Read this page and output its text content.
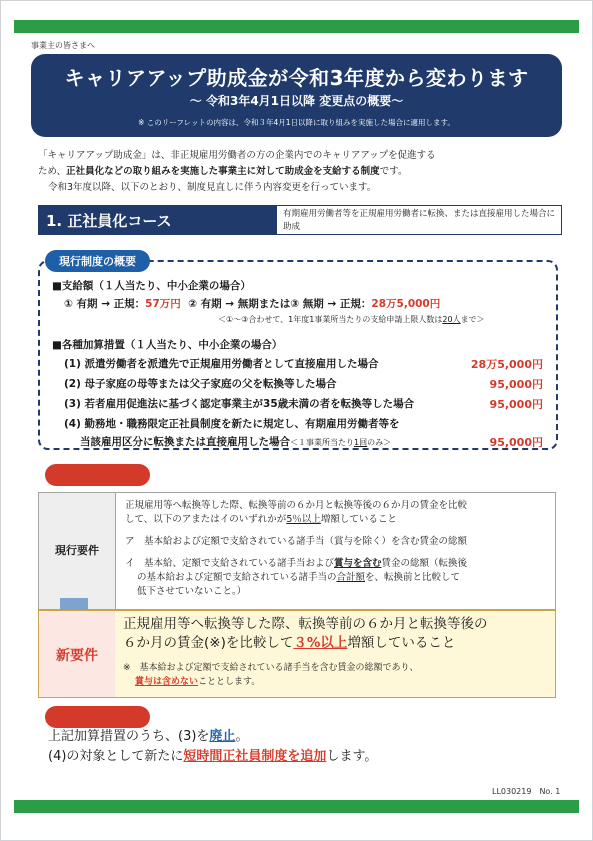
事業主の皆さまへ
キャリアアップ助成金が令和3年度から変わります
～ 令和3年4月1日以降 変更点の概要～
※ このリーフレットの内容は、令和３年4月1日以降に取り組みを実施した場合に適用します。

「キャリアアップ助成金」は、非正規雇用労働者の方の企業内でのキャリアアップを促進する

ため、正社員化などの取り組みを実施した事業主に対して助成金を支給する制度です。

令和3年度以降、以下のとおり、制度見直しに伴う内容変更を行っています。

1. 正社員化コース	有期雇用労働者等を正規雇用労働者に転換、または直接雇用した場合に助成
現行制度の概要
■支給額（１人当たり、中小企業の場合）
① 有期 → 正規：57万円 ② 有期 → 無期または③ 無期 → 正規：28万5,000円
＜①～③合わせて、1年度1事業所当たりの支給申請上限人数は20人まで＞
■各種加算措置（１人当たり、中小企業の場合）
(1) 派遣労働者を派遣先で正規雇用労働者として直接雇用した場合	28万5,000円
(2) 母子家庭の母等または父子家庭の父を転換等した場合	95,000円
(3) 若者雇用促進法に基づく認定事業主が35歳未満の者を転換等した場合	95,000円
(4) 勤務地・職務限定正社員制度を新たに規定し、有期雇用労働者等を
当該雇用区分に転換または直接雇用した場合＜１事業所当たり1回のみ＞	95,000円
支給要件の変更
現行要件
正規雇用等へ転換等した際、転換等前の６か月と転換等後の６か月の賃金を比較
して、以下のアまたはイのいずれかが5％以上増額していること
ア　基本給および定額で支給されている諸手当（賞与を除く）を含む賃金の総額
イ　基本給、定額で支給されている諸手当および賞与を含む賃金の総額（転換後
の基本給および定額で支給されている諸手当の合計額を、転換前と比較して
低下させていないこと。）
新要件
正規雇用等へ転換等した際、転換等前の６か月と転換等後の
６か月の賃金(※)を比較して３%以上増額していること
※　基本給および定額で支給されている諸手当を含む賃金の総額であり、
賞与は含めないこととします。
加算措置の変更
上記加算措置のうち、(3)を廃止。
(4)の対象として新たに短時間正社員制度を追加します。
LL030219　No. 1
